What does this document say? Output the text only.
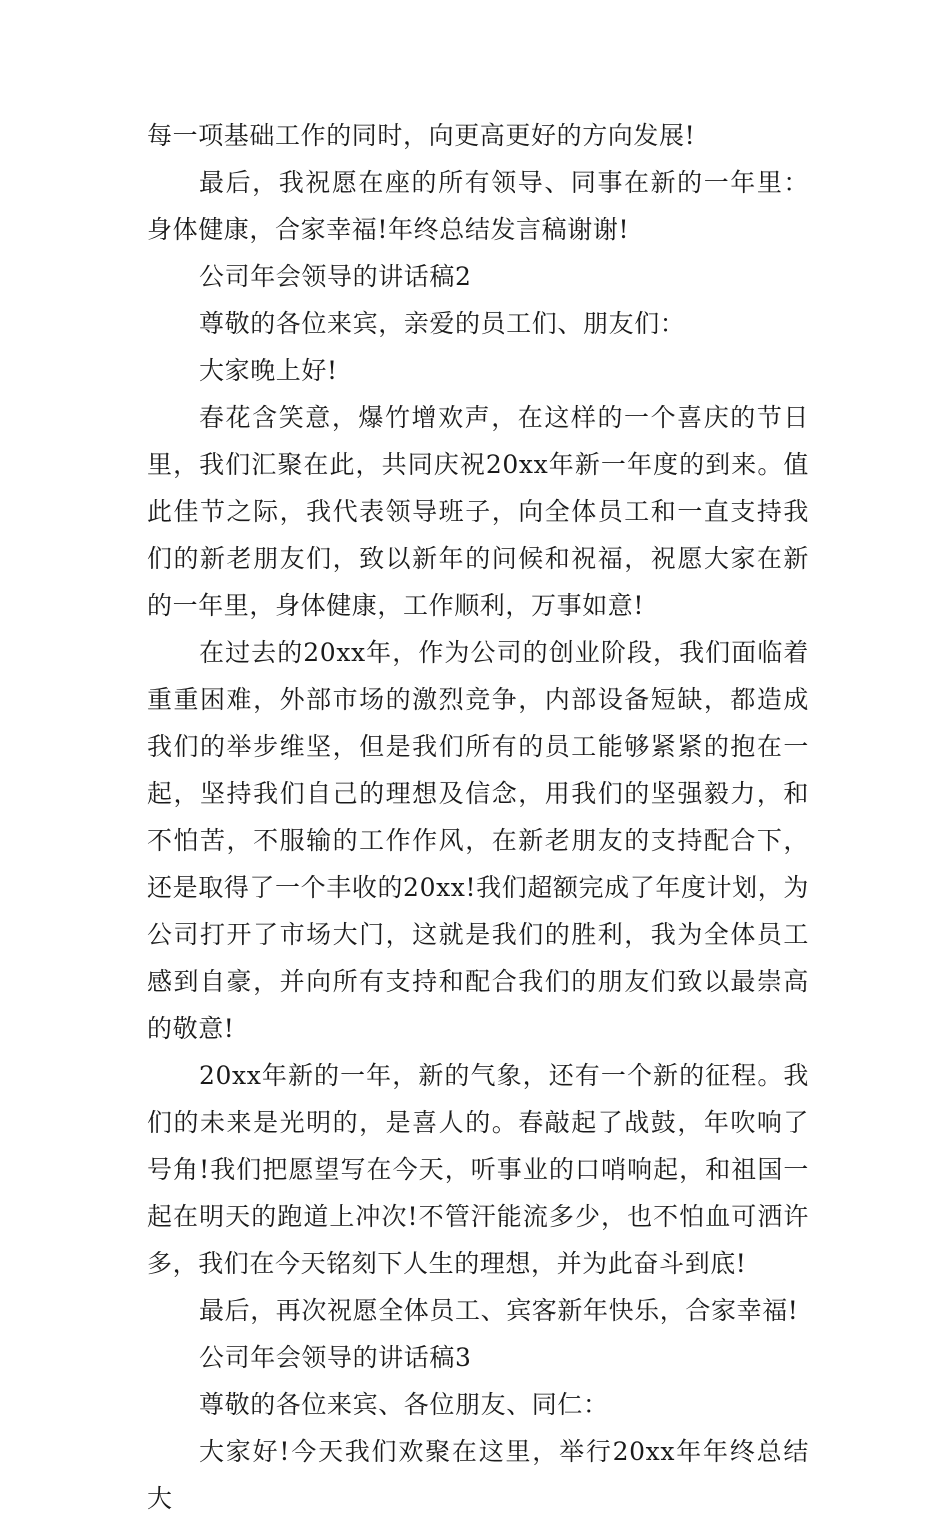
每一项基础工作的同时，向更高更好的方向发展!

最后，我祝愿在座的所有领导、同事在新的一年里：身体健康，合家幸福!年终总结发言稿谢谢!

公司年会领导的讲话稿2

尊敬的各位来宾，亲爱的员工们、朋友们：

大家晚上好!

春花含笑意，爆竹增欢声，在这样的一个喜庆的节日里，我们汇聚在此，共同庆祝20xx年新一年度的到来。值此佳节之际，我代表领导班子，向全体员工和一直支持我们的新老朋友们，致以新年的问候和祝福，祝愿大家在新的一年里，身体健康，工作顺利，万事如意!

在过去的20xx年，作为公司的创业阶段，我们面临着重重困难，外部市场的激烈竞争，内部设备短缺，都造成我们的举步维坚，但是我们所有的员工能够紧紧的抱在一起，坚持我们自己的理想及信念，用我们的坚强毅力，和不怕苦，不服输的工作作风，在新老朋友的支持配合下，还是取得了一个丰收的20xx!我们超额完成了年度计划，为公司打开了市场大门，这就是我们的胜利，我为全体员工感到自豪，并向所有支持和配合我们的朋友们致以最崇高的敬意!

20xx年新的一年，新的气象，还有一个新的征程。我们的未来是光明的，是喜人的。春敲起了战鼓，年吹响了号角!我们把愿望写在今天，听事业的口哨响起，和祖国一起在明天的跑道上冲次!不管汗能流多少，也不怕血可洒许多，我们在今天铭刻下人生的理想，并为此奋斗到底!

最后，再次祝愿全体员工、宾客新年快乐，合家幸福!

公司年会领导的讲话稿3

尊敬的各位来宾、各位朋友、同仁：

大家好!今天我们欢聚在这里，举行20xx年年终总结大
